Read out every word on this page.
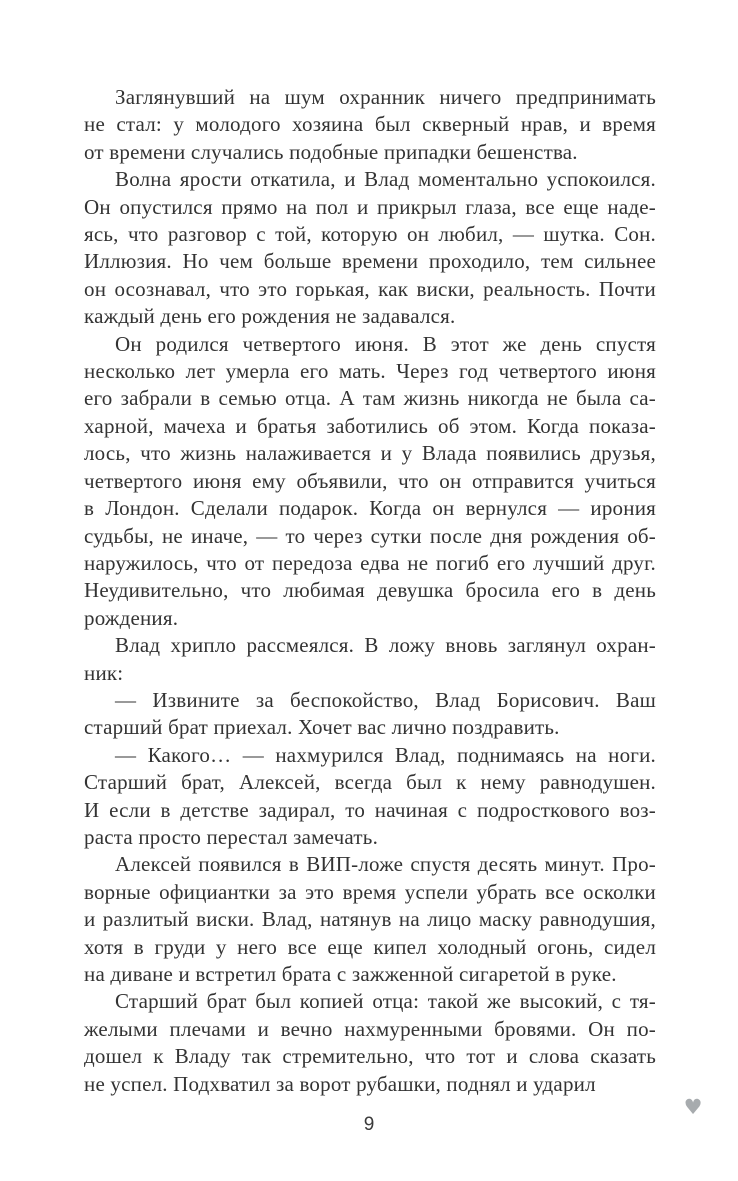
Заглянувший на шум охранник ничего предпринимать
не стал: у молодого хозяина был скверный нрав, и время
от времени случались подобные припадки бешенства.
Волна ярости откатила, и Влад моментально успокоился.
Он опустился прямо на пол и прикрыл глаза, все еще наде-
ясь, что разговор с той, которую он любил, — шутка. Сон.
Иллюзия. Но чем больше времени проходило, тем сильнее
он осознавал, что это горькая, как виски, реальность. Почти
каждый день его рождения не задавался.
Он родился четвертого июня. В этот же день спустя
несколько лет умерла его мать. Через год четвертого июня
его забрали в семью отца. А там жизнь никогда не была са-
харной, мачеха и братья заботились об этом. Когда показа-
лось, что жизнь налаживается и у Влада появились друзья,
четвертого июня ему объявили, что он отправится учиться
в Лондон. Сделали подарок. Когда он вернулся — ирония
судьбы, не иначе, — то через сутки после дня рождения об-
наружилось, что от передоза едва не погиб его лучший друг.
Неудивительно, что любимая девушка бросила его в день
рождения.
Влад хрипло рассмеялся. В ложу вновь заглянул охран-
ник:
— Извините за беспокойство, Влад Борисович. Ваш
старший брат приехал. Хочет вас лично поздравить.
— Какого… — нахмурился Влад, поднимаясь на ноги.
Старший брат, Алексей, всегда был к нему равнодушен.
И если в детстве задирал, то начиная с подросткового воз-
раста просто перестал замечать.
Алексей появился в ВИП-ложе спустя десять минут. Про-
ворные официантки за это время успели убрать все осколки
и разлитый виски. Влад, натянув на лицо маску равнодушия,
хотя в груди у него все еще кипел холодный огонь, сидел
на диване и встретил брата с зажженной сигаретой в руке.
Старший брат был копией отца: такой же высокий, с тя-
желыми плечами и вечно нахмуренными бровями. Он по-
дошел к Владу так стремительно, что тот и слова сказать
не успел. Подхватил за ворот рубашки, поднял и ударил
9
♥
